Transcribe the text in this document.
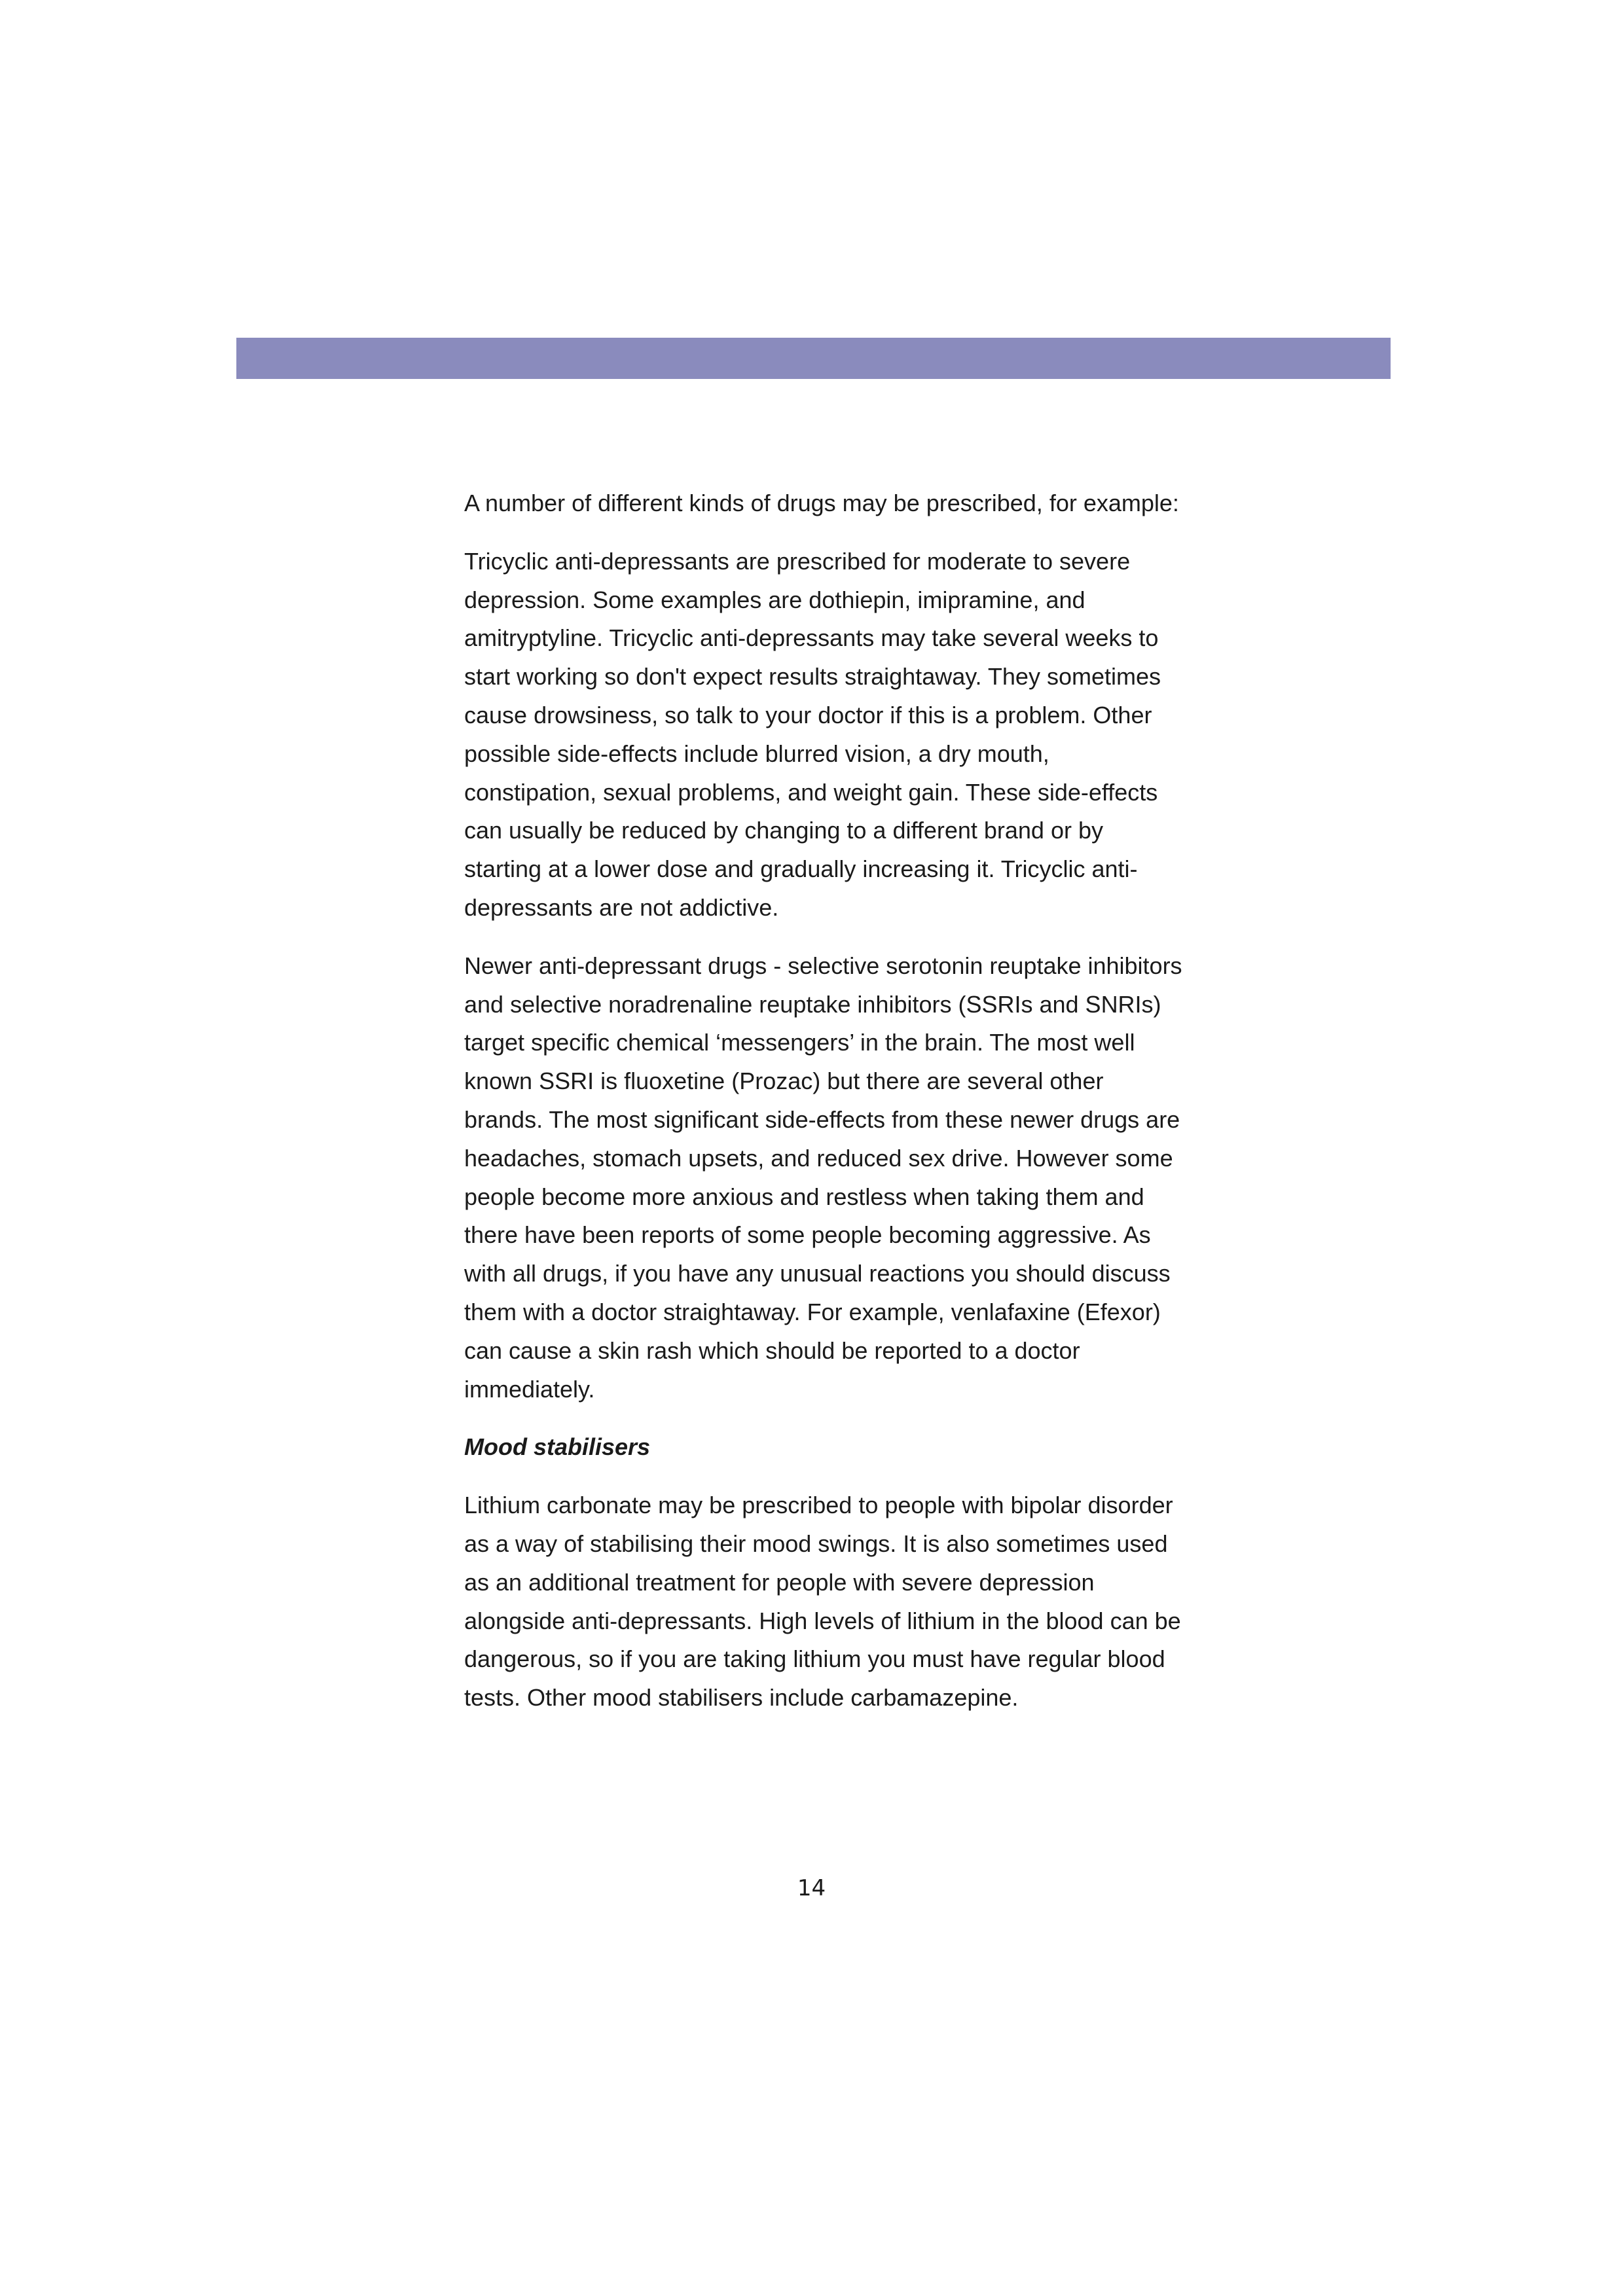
A number of different kinds of drugs may be prescribed, for example:

Tricyclic anti-depressants are prescribed for moderate to severe depression. Some examples are dothiepin, imipramine, and amitryptyline. Tricyclic anti-depressants may take several weeks to start working so don't expect results straightaway. They sometimes cause drowsiness, so talk to your doctor if this is a problem. Other possible side-effects include blurred vision, a dry mouth, constipation, sexual problems, and weight gain. These side-effects can usually be reduced by changing to a different brand or by starting at a lower dose and gradually increasing it. Tricyclic anti-depressants are not addictive.

Newer anti-depressant drugs - selective serotonin reuptake inhibitors and selective noradrenaline reuptake inhibitors (SSRIs and SNRIs) target specific chemical ‘messengers’ in the brain. The most well known SSRI is fluoxetine (Prozac) but there are several other brands. The most significant side-effects from these newer drugs are headaches, stomach upsets, and reduced sex drive. However some people become more anxious and restless when taking them and there have been reports of some people becoming aggressive. As with all drugs, if you have any unusual reactions you should discuss them with a doctor straightaway. For example, venlafaxine (Efexor) can cause a skin rash which should be reported to a doctor immediately.

Mood stabilisers

Lithium carbonate may be prescribed to people with bipolar disorder as a way of stabilising their mood swings. It is also sometimes used as an additional treatment for people with severe depression alongside anti-depressants. High levels of lithium in the blood can be dangerous, so if you are taking lithium you must have regular blood tests. Other mood stabilisers include carbamazepine.

14
